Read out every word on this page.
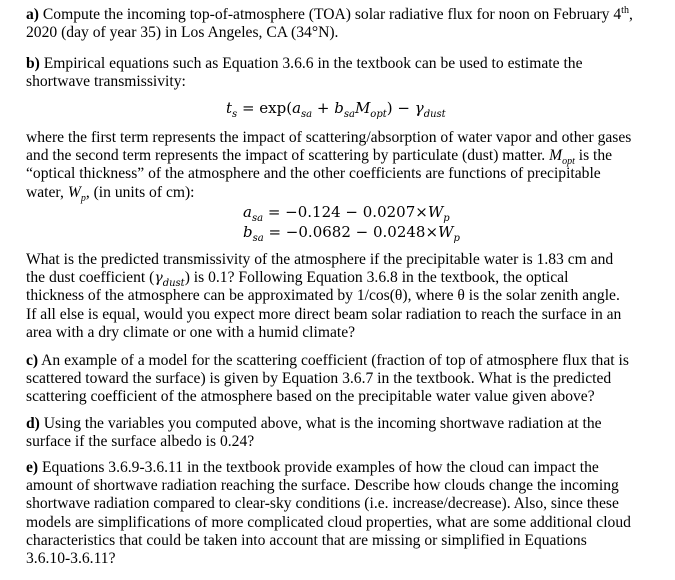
a) Compute the incoming top-of-atmosphere (TOA) solar radiative flux for noon on February 4th,

2020 (day of year 35) in Los Angeles, CA (34°N).

b) Empirical equations such as Equation 3.6.6 in the textbook can be used to estimate the

shortwave transmissivity:

$t_s = \exp(a_{sa} + b_{sa}M_{opt}) - \gamma_{dust}$

where the first term represents the impact of scattering/absorption of water vapor and other gases

and the second term represents the impact of scattering by particulate (dust) matter. $M_{opt}$ is the

“optical thickness” of the atmosphere and the other coefficients are functions of precipitable

water, $W_p$, (in units of cm):

$a_{sa} = -0.124 - 0.0207\times W_p$
$b_{sa} = -0.0682 - 0.0248\times W_p$

What is the predicted transmissivity of the atmosphere if the precipitable water is 1.83 cm and

the dust coefficient $(\gamma_{dust})$ is 0.1? Following Equation 3.6.8 in the textbook, the optical

thickness of the atmosphere can be approximated by 1/cos(θ), where θ is the solar zenith angle.

If all else is equal, would you expect more direct beam solar radiation to reach the surface in an

area with a dry climate or one with a humid climate?

c) An example of a model for the scattering coefficient (fraction of top of atmosphere flux that is

scattered toward the surface) is given by Equation 3.6.7 in the textbook. What is the predicted

scattering coefficient of the atmosphere based on the precipitable water value given above?

d) Using the variables you computed above, what is the incoming shortwave radiation at the

surface if the surface albedo is 0.24?

e) Equations 3.6.9-3.6.11 in the textbook provide examples of how the cloud can impact the

amount of shortwave radiation reaching the surface. Describe how clouds change the incoming

shortwave radiation compared to clear-sky conditions (i.e. increase/decrease). Also, since these

models are simplifications of more complicated cloud properties, what are some additional cloud

characteristics that could be taken into account that are missing or simplified in Equations

3.6.10-3.6.11?
